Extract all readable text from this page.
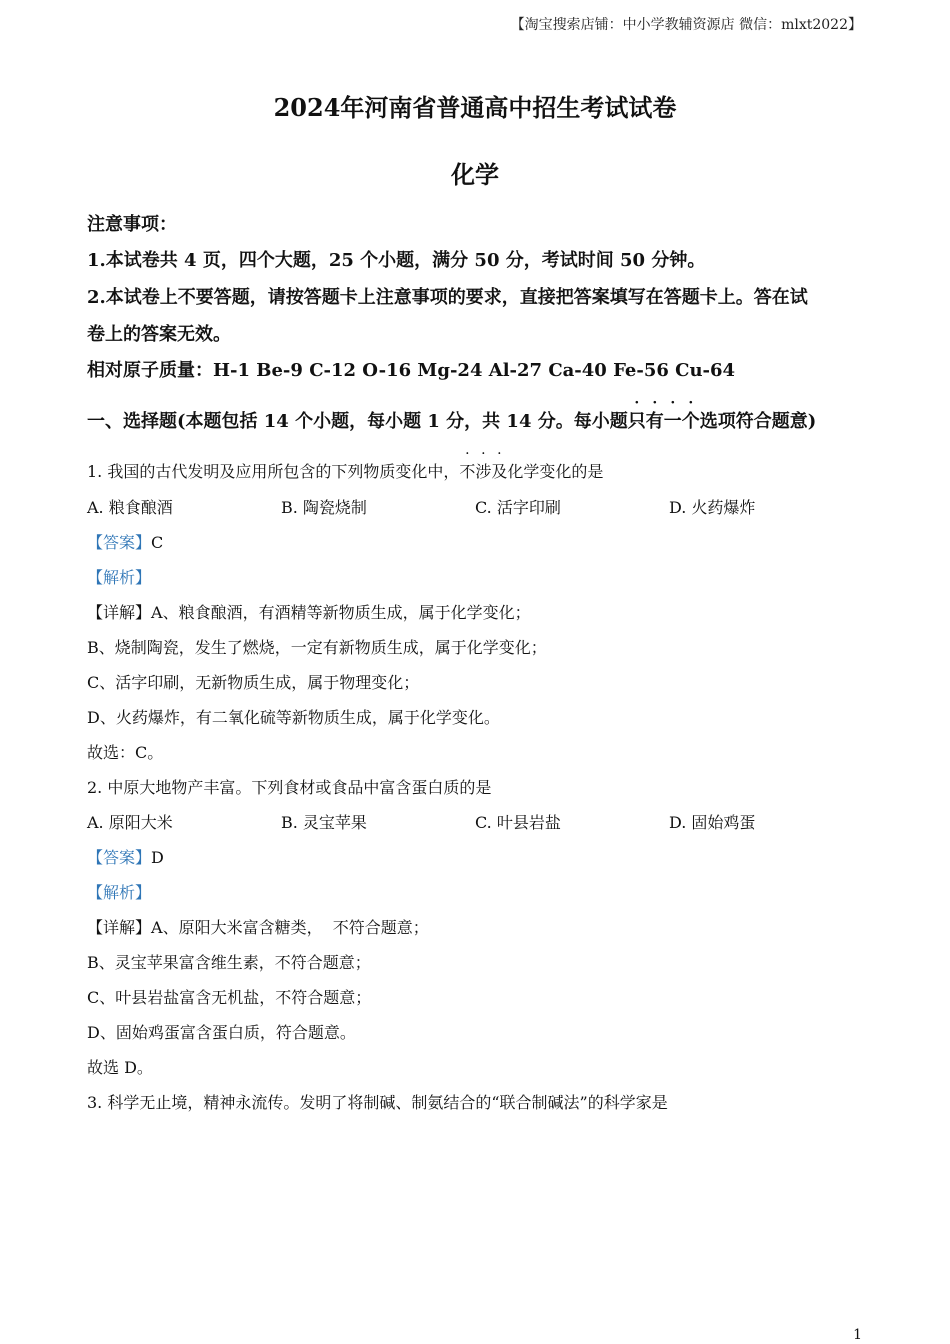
【淘宝搜索店铺：中小学教辅资源店 微信：mlxt2022】
2024年河南省普通高中招生考试试卷
化学
注意事项：
1.本试卷共 4 页，四个大题，25 个小题，满分 50 分，考试时间 50 分钟。
2.本试卷上不要答题，请按答题卡上注意事项的要求，直接把答案填写在答题卡上。答在试
卷上的答案无效。
相对原子质量：H-1 Be-9 C-12 O-16 Mg-24 Al-27 Ca-40 Fe-56 Cu-64
一、选择题(本题包括 14 个小题，每小题 1 分，共 14 分。每小题只
·
有
·
一
·
个
·
选项符合题意)
1. 我国的古代发明及应用所包含的下列物质变化中，不
·
涉
·
及
·
化学变化的是
A. 粮食酿酒	B. 陶瓷烧制	C. 活字印刷	D. 火药爆炸
【答案】C
【解析】
【详解】A、粮食酿酒，有酒精等新物质生成，属于化学变化；
B、烧制陶瓷，发生了燃烧，一定有新物质生成，属于化学变化；
C、活字印刷，无新物质生成，属于物理变化；
D、火药爆炸，有二氧化硫等新物质生成，属于化学变化。
故选：C。
2. 中原大地物产丰富。下列食材或食品中富含蛋白质的是
A. 原阳大米	B. 灵宝苹果	C. 叶县岩盐	D. 固始鸡蛋
【答案】D
【解析】
【详解】A、原阳大米富含糖类，  不符合题意；
B、灵宝苹果富含维生素，不符合题意；
C、叶县岩盐富含无机盐，不符合题意；
D、固始鸡蛋富含蛋白质，符合题意。
故选 D。
3. 科学无止境，精神永流传。发明了将制碱、制氨结合的“联合制碱法”的科学家是
1
